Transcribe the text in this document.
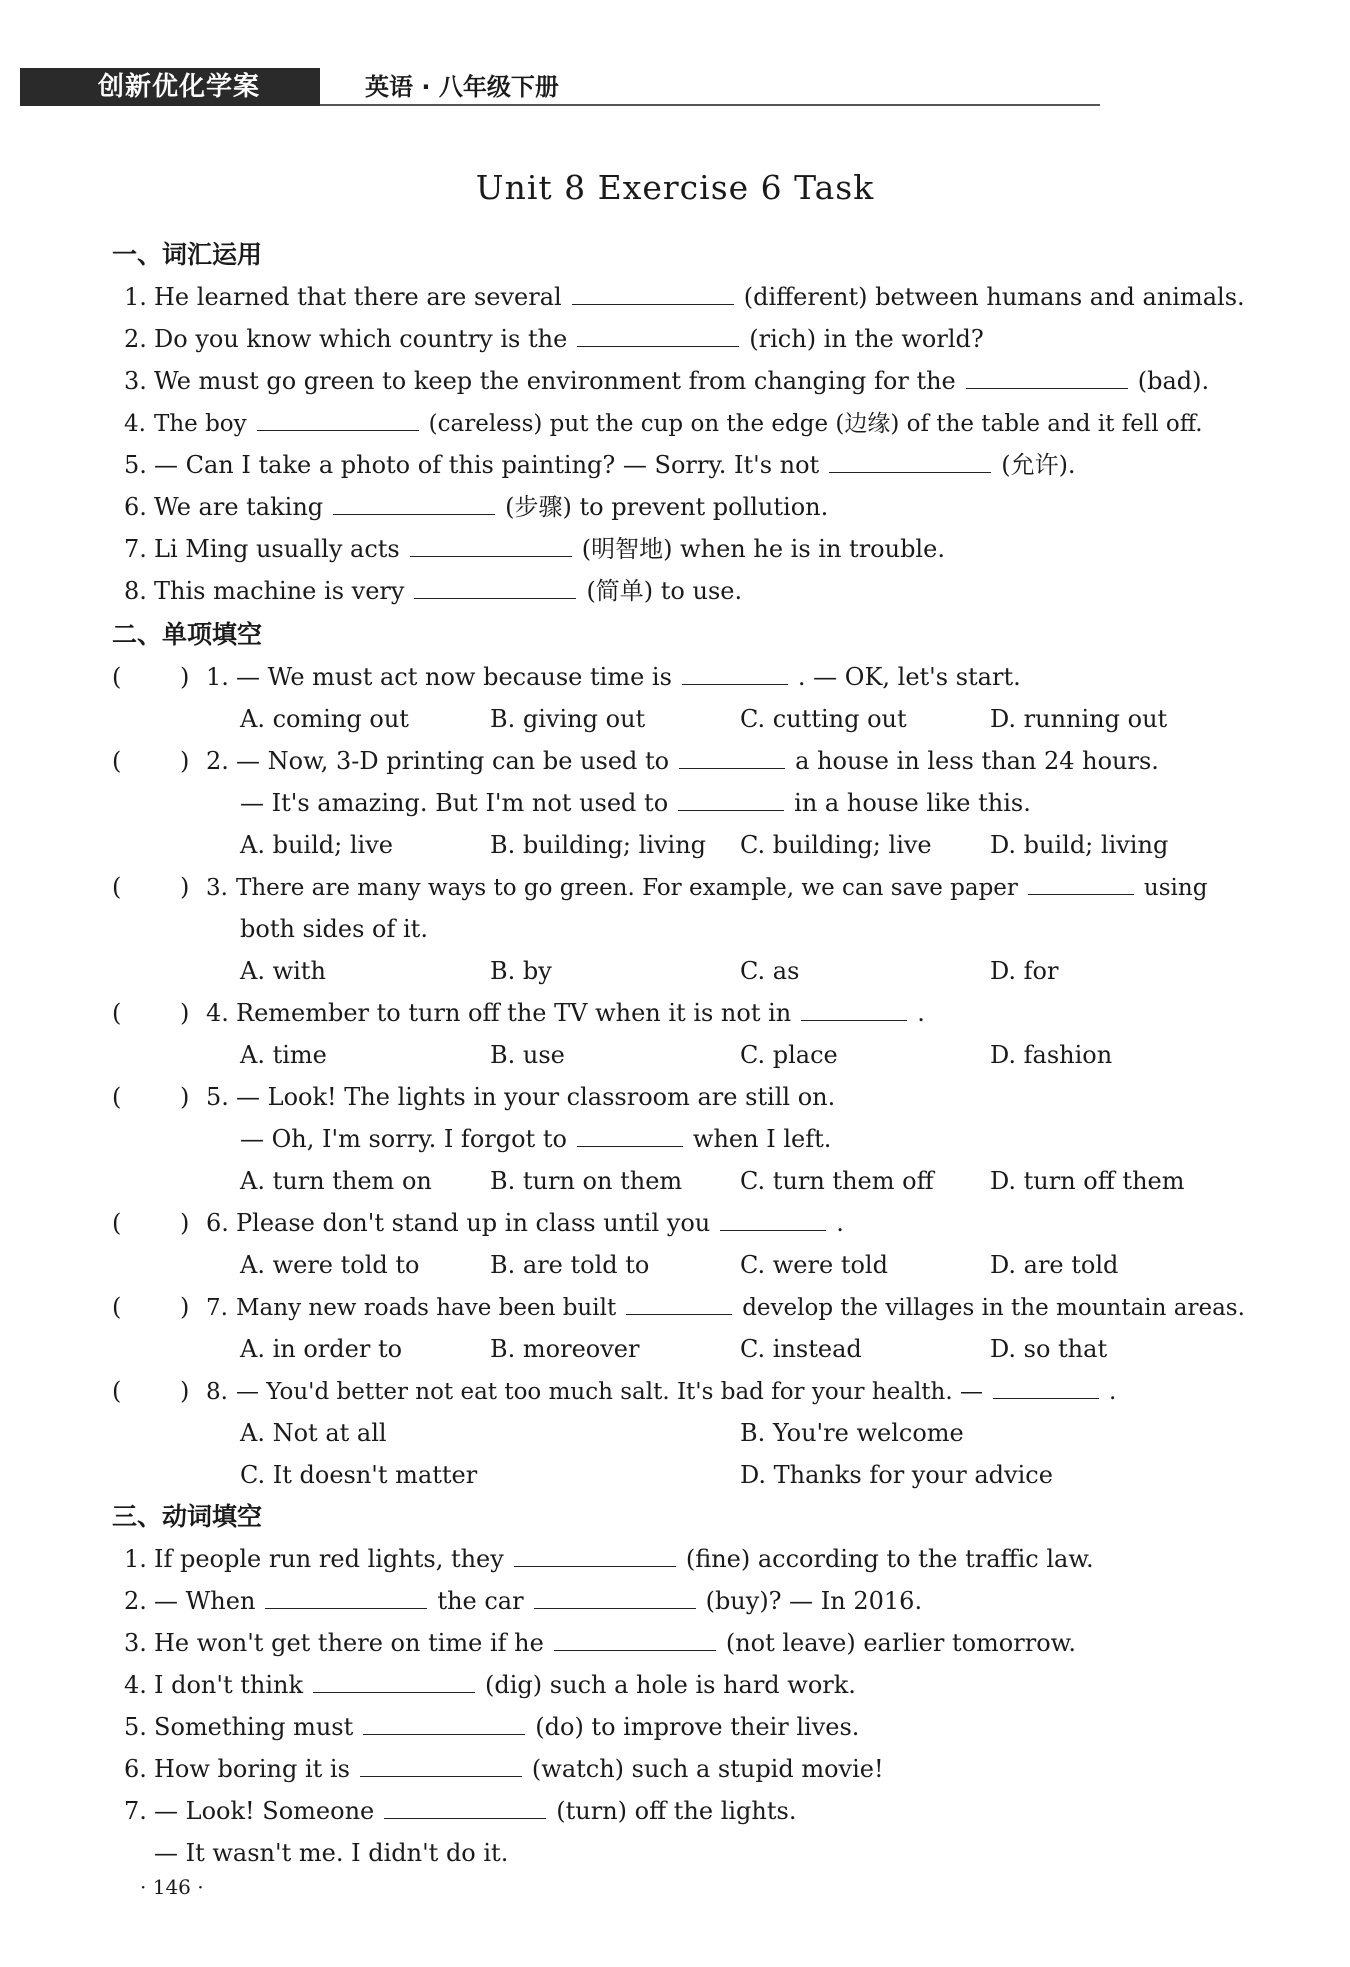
创新优化学案	英语 · 八年级下册
Unit 8 Exercise 6 Task
一、词汇运用
1. He learned that there are several	(different) between humans and animals.
2. Do you know which country is the	(rich) in the world?
3. We must go green to keep the environment from changing for the	(bad).
4. The boy	(careless) put the cup on the edge (边缘) of the table and it fell off.
5. — Can I take a photo of this painting? — Sorry. It's not	(允许).
6. We are taking	(步骤) to prevent pollution.
7. Li Ming usually acts	(明智地) when he is in trouble.
8. This machine is very	(简单) to use.
二、单项填空
( ) 1. — We must act now because time is	. — OK, let's start.
A. coming out	B. giving out	C. cutting out	D. running out
( ) 2. — Now, 3-D printing can be used to	a house in less than 24 hours.
— It's amazing. But I'm not used to	in a house like this.
A. build; live	B. building; living C. building; live D. build; living
( ) 3. There are many ways to go green. For example, we can save paper	using
both sides of it.
A. with	B. by	C. as	D. for
( ) 4. Remember to turn off the TV when it is not in	.
A. time	B. use	C. place	D. fashion
( ) 5. — Look! The lights in your classroom are still on.
— Oh, I'm sorry. I forgot to	when I left.
A. turn them on B. turn on them C. turn them off D. turn off them
( ) 6. Please don't stand up in class until you	.
A. were told to	B. are told to	C. were told	D. are told
( ) 7. Many new roads have been built	develop the villages in the mountain areas.
A. in order to	B. moreover	C. instead	D. so that
( ) 8. — You'd better not eat too much salt. It's bad for your health. —	.
A. Not at all	B. You're welcome
C. It doesn't matter	D. Thanks for your advice
三、动词填空
1. If people run red lights, they	(fine) according to the traffic law.
2. — When	the car	(buy)? — In 2016.
3. He won't get there on time if he	(not leave) earlier tomorrow.
4. I don't think	(dig) such a hole is hard work.
5. Something must	(do) to improve their lives.
6. How boring it is	(watch) such a stupid movie!
7. — Look! Someone	(turn) off the lights.
— It wasn't me. I didn't do it.
· 146 ·
